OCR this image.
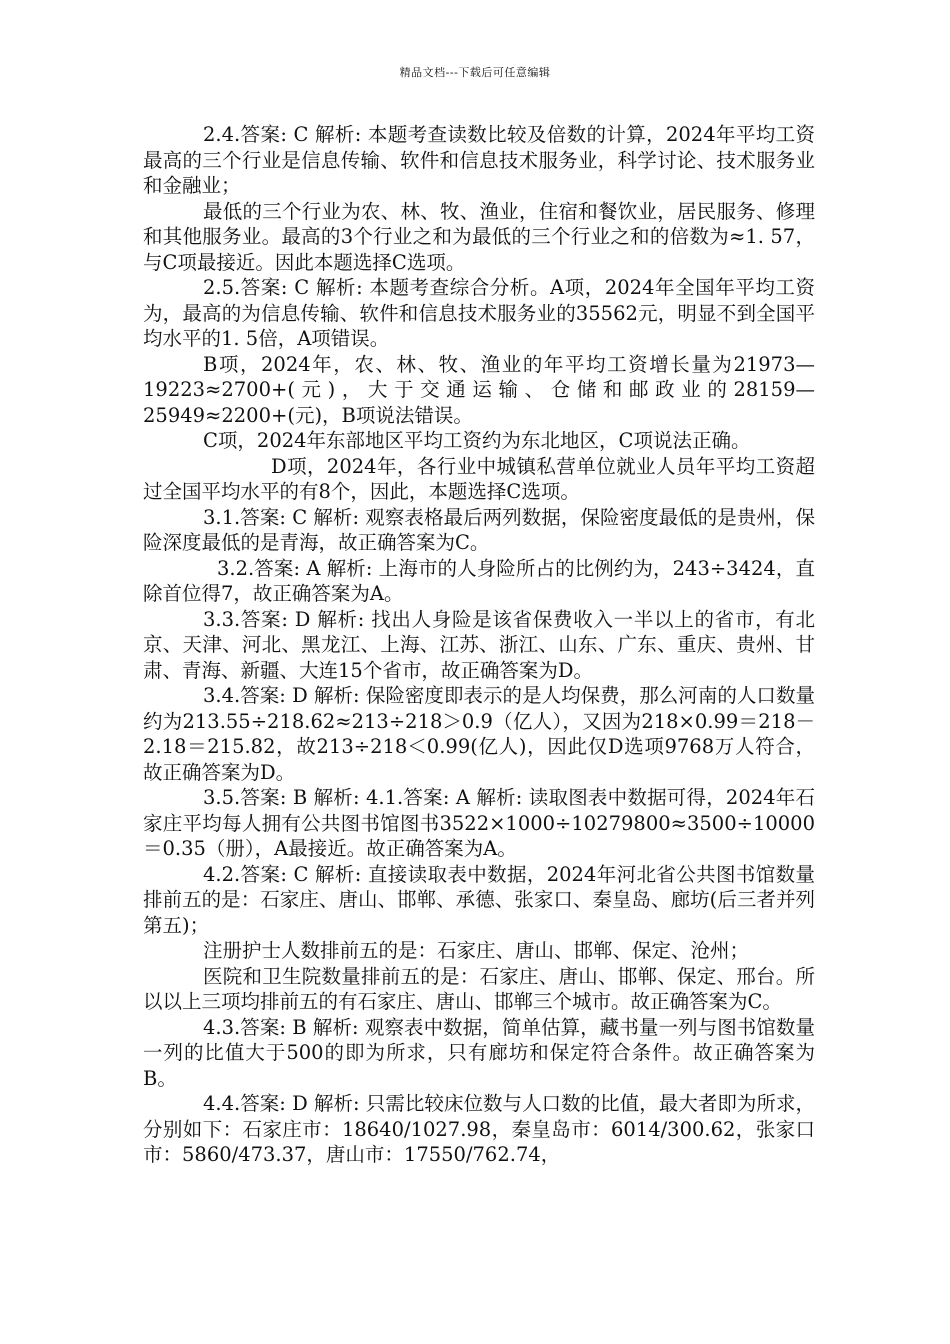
精品文档---下载后可任意编辑

2.4.答案: C 解析: 本题考查读数比较及倍数的计算，2024年平均工资最高的三个行业是信息传输、软件和信息技术服务业，科学讨论、技术服务业和金融业；

最低的三个行业为农、林、牧、渔业，住宿和餐饮业，居民服务、修理和其他服务业。最高的3个行业之和为最低的三个行业之和的倍数为≈1. 57，与C项最接近。因此本题选择C选项。

2.5.答案: C 解析: 本题考查综合分析。A项，2024年全国年平均工资为，最高的为信息传输、软件和信息技术服务业的35562元，明显不到全国平均水平的1. 5倍，A项错误。

B项，2024年，农、林、牧、渔业的年平均工资增长量为21973—19223≈2700+(元)，大于交通运输、仓储和邮政业的28159—25949≈2200+(元)，B项说法错误。

C项，2024年东部地区平均工资约为东北地区，C项说法正确。

D项，2024年，各行业中城镇私营单位就业人员年平均工资超过全国平均水平的有8个，因此，本题选择C选项。

3.1.答案: C 解析: 观察表格最后两列数据，保险密度最低的是贵州，保险深度最低的是青海，故正确答案为C。

3.2.答案: A 解析: 上海市的人身险所占的比例约为，243÷3424，直除首位得7，故正确答案为A。

3.3.答案: D 解析: 找出人身险是该省保费收入一半以上的省市，有北京、天津、河北、黑龙江、上海、江苏、浙江、山东、广东、重庆、贵州、甘肃、青海、新疆、大连15个省市，故正确答案为D。

3.4.答案: D 解析: 保险密度即表示的是人均保费，那么河南的人口数量约为213.55÷218.62≈213÷218＞0.9（亿人），又因为218×0.99＝218－2.18＝215.82，故213÷218＜0.99(亿人)，因此仅D选项9768万人符合，故正确答案为D。

3.5.答案: B 解析: 4.1.答案: A 解析: 读取图表中数据可得，2024年石家庄平均每人拥有公共图书馆图书3522×1000÷10279800≈3500÷10000＝0.35（册），A最接近。故正确答案为A。

4.2.答案: C 解析: 直接读取表中数据，2024年河北省公共图书馆数量排前五的是：石家庄、唐山、邯郸、承德、张家口、秦皇岛、廊坊(后三者并列第五)；

注册护士人数排前五的是：石家庄、唐山、邯郸、保定、沧州；

医院和卫生院数量排前五的是：石家庄、唐山、邯郸、保定、邢台。所以以上三项均排前五的有石家庄、唐山、邯郸三个城市。故正确答案为C。

4.3.答案: B 解析: 观察表中数据，简单估算，藏书量一列与图书馆数量一列的比值大于500的即为所求，只有廊坊和保定符合条件。故正确答案为B。

4.4.答案: D 解析: 只需比较床位数与人口数的比值，最大者即为所求，分别如下：石家庄市：18640/1027.98，秦皇岛市：6014/300.62，张家口市：5860/473.37，唐山市：17550/762.74，
